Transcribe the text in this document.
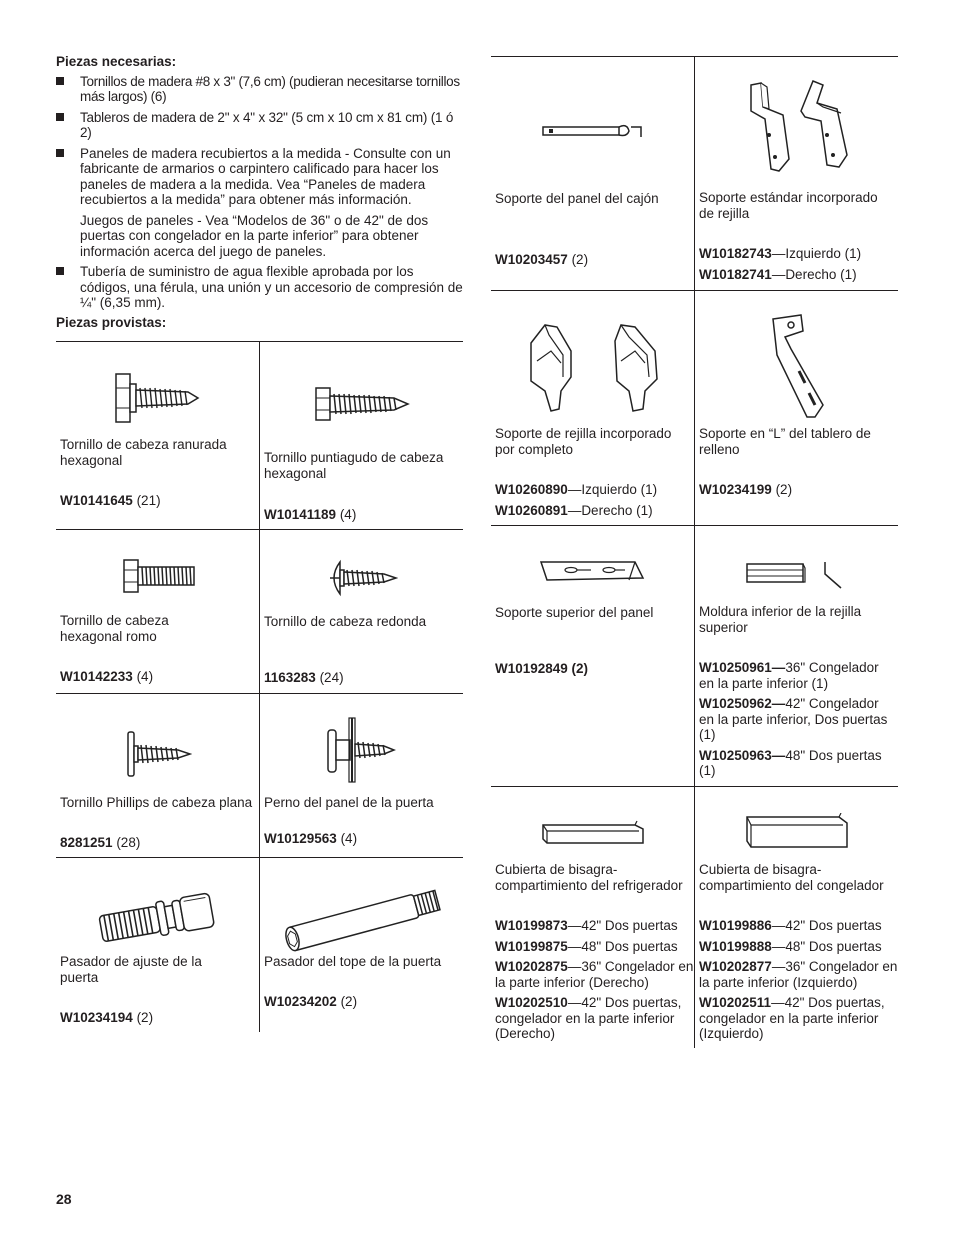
Piezas necesarias:

Tornillos de madera #8 x 3" (7,6 cm) (pudieran necesitarse tornillos más largos) (6)

Tableros de madera de 2" x 4" x 32" (5 cm x 10 cm x 81 cm) (1 ó 2)

Paneles de madera recubiertos a la medida - Consulte con un fabricante de armarios o carpintero calificado para hacer los paneles de madera a la medida. Vea “Paneles de madera recubiertos a la medida” para obtener más información.

Juegos de paneles - Vea “Modelos de 36" o de 42" de dos puertas con congelador en la parte inferior” para obtener información acerca del juego de paneles.

Tubería de suministro de agua flexible aprobada por los códigos, una férula, una unión y un accesorio de compresión de ¼" (6,35 mm).

Piezas provistas:
Tornillo de cabeza ranurada hexagonal
W10141645 (21)
Tornillo puntiagudo de cabeza hexagonal
W10141189 (4)
Tornillo de cabeza hexagonal romo
W10142233 (4)
Tornillo de cabeza redonda
1163283 (24)
Tornillo Phillips de cabeza plana
8281251 (28)
Perno del panel de la puerta
W10129563 (4)
Pasador de ajuste de la puerta
W10234194 (2)
Pasador del tope de la puerta
W10234202 (2)
Soporte del panel del cajón
W10203457 (2)
Soporte estándar incorporado de rejilla
W10182743—Izquierdo (1)
W10182741—Derecho (1)
Soporte de rejilla incorporado por completo
W10260890—Izquierdo (1)
W10260891—Derecho (1)
Soporte en “L” del tablero de relleno
W10234199 (2)
Soporte superior del panel
W10192849 (2)
Moldura inferior de la rejilla superior
W10250961—36" Congelador en la parte inferior (1)
W10250962—42" Congelador en la parte inferior, Dos puertas (1)
W10250963—48" Dos puertas (1)
Cubierta de bisagra-compartimiento del refrigerador
W10199873—42" Dos puertas
W10199875—48" Dos puertas
W10202875—36" Congelador en la parte inferior (Derecho)
W10202510—42" Dos puertas, congelador en la parte inferior (Derecho)
Cubierta de bisagra-compartimiento del congelador
W10199886—42" Dos puertas
W10199888—48" Dos puertas
W10202877—36" Congelador en la parte inferior (Izquierdo)
W10202511—42" Dos puertas, congelador en la parte inferior (Izquierdo)
28
